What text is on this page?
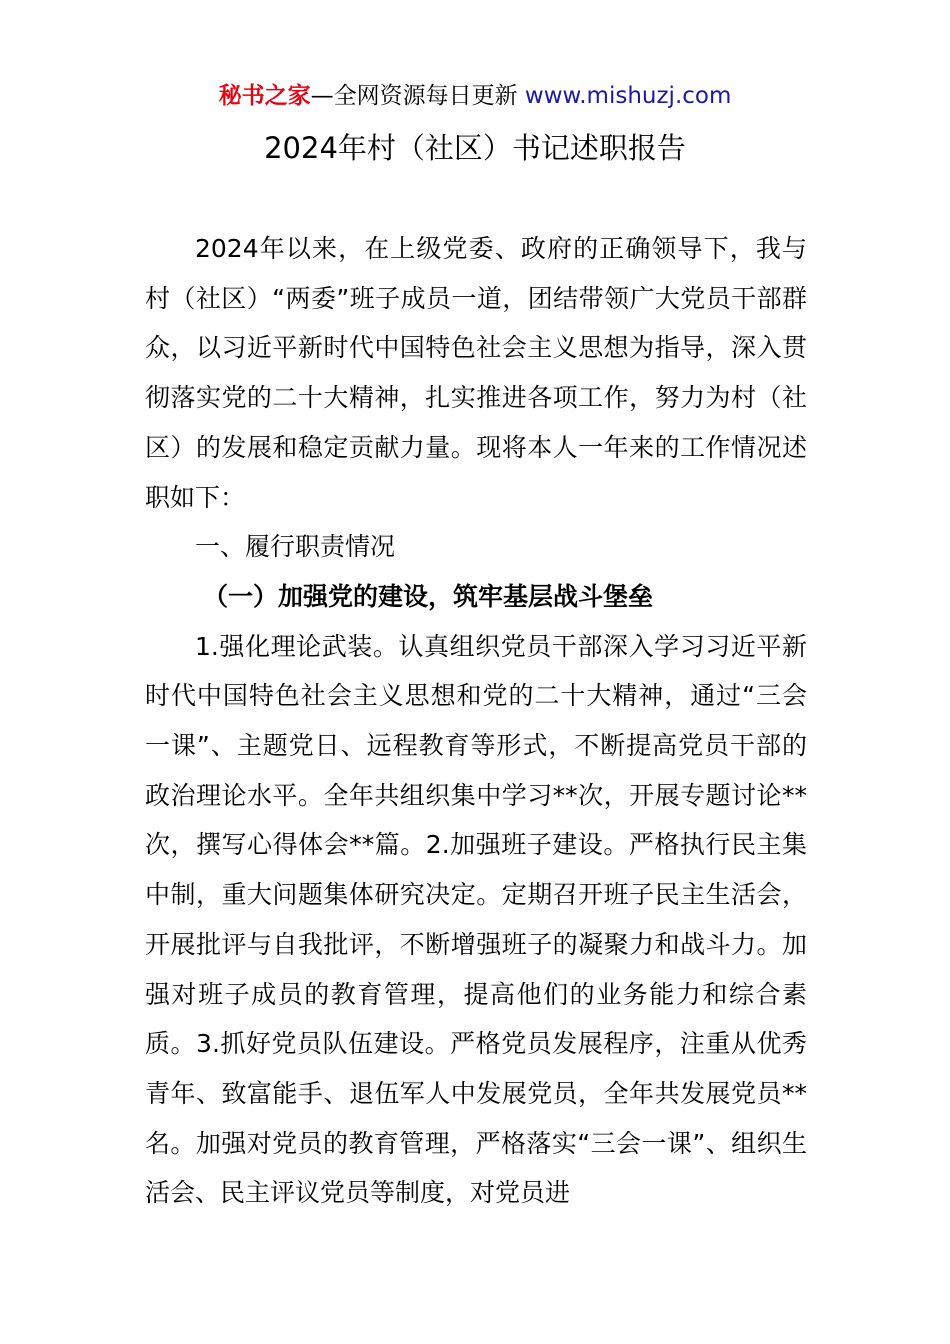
秘书之家—全网资源每日更新 www.mishuzj.com
2024年村（社区）书记述职报告

2024年以来，在上级党委、政府的正确领导下，我与村（社区）“两委”班子成员一道，团结带领广大党员干部群众，以习近平新时代中国特色社会主义思想为指导，深入贯彻落实党的二十大精神，扎实推进各项工作，努力为村（社区）的发展和稳定贡献力量。现将本人一年来的工作情况述职如下：

一、履行职责情况
（一）加强党的建设，筑牢基层战斗堡垒

1.强化理论武装。认真组织党员干部深入学习习近平新时代中国特色社会主义思想和党的二十大精神，通过“三会一课”、主题党日、远程教育等形式，不断提高党员干部的政治理论水平。全年共组织集中学习**次，开展专题讨论**次，撰写心得体会**篇。2.加强班子建设。严格执行民主集中制，重大问题集体研究决定。定期召开班子民主生活会，开展批评与自我批评，不断增强班子的凝聚力和战斗力。加强对班子成员的教育管理，提高他们的业务能力和综合素质。3.抓好党员队伍建设。严格党员发展程序，注重从优秀青年、致富能手、退伍军人中发展党员，全年共发展党员**名。加强对党员的教育管理，严格落实“三会一课”、组织生活会、民主评议党员等制度，对党员进
